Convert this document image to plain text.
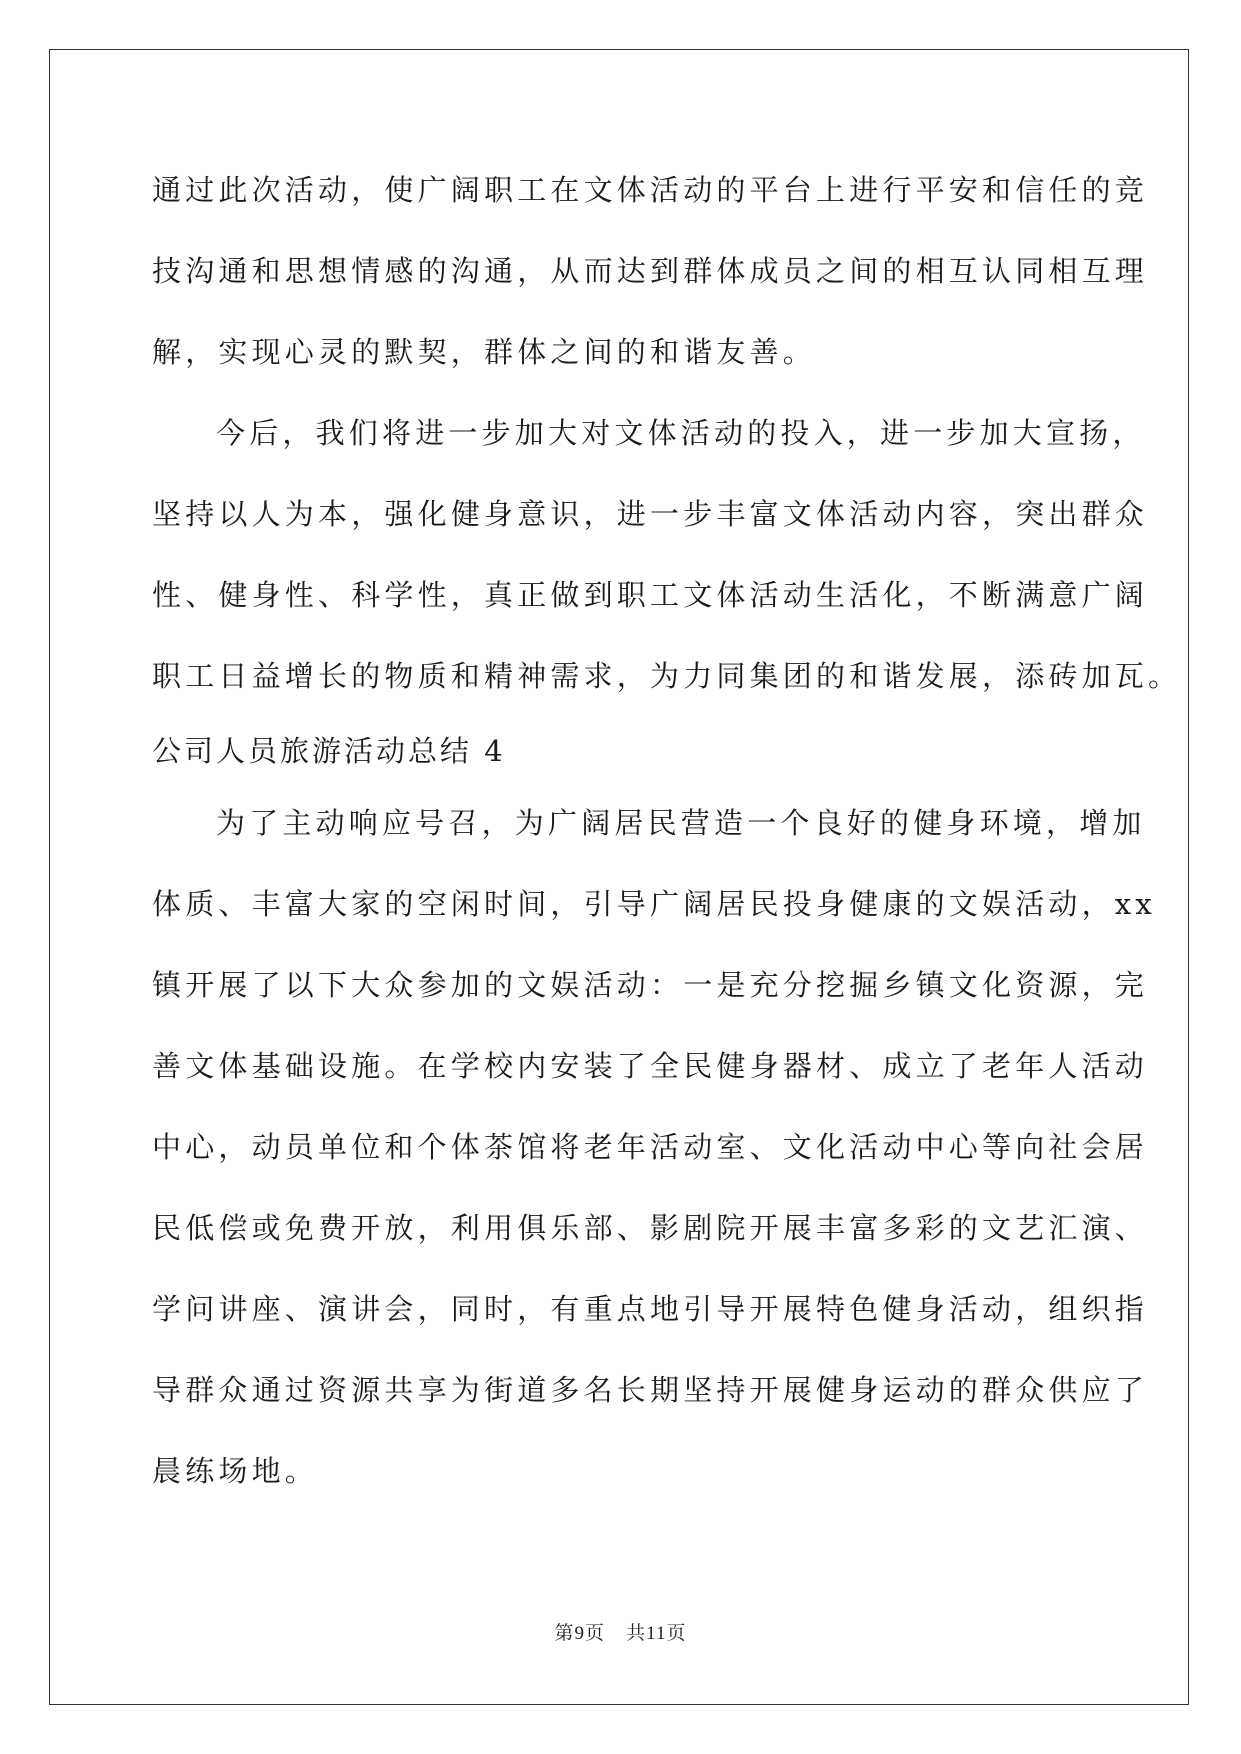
通过此次活动，使广阔职工在文体活动的平台上进行平安和信任的竞
技沟通和思想情感的沟通，从而达到群体成员之间的相互认同相互理
解，实现心灵的默契，群体之间的和谐友善。
今后，我们将进一步加大对文体活动的投入，进一步加大宣扬，
坚持以人为本，强化健身意识，进一步丰富文体活动内容，突出群众
性、健身性、科学性，真正做到职工文体活动生活化，不断满意广阔
职工日益增长的物质和精神需求，为力同集团的和谐发展，添砖加瓦。
公司人员旅游活动总结 4
为了主动响应号召，为广阔居民营造一个良好的健身环境，增加
体质、丰富大家的空闲时间，引导广阔居民投身健康的文娱活动，xx
镇开展了以下大众参加的文娱活动：一是充分挖掘乡镇文化资源，完
善文体基础设施。在学校内安装了全民健身器材、成立了老年人活动
中心，动员单位和个体茶馆将老年活动室、文化活动中心等向社会居
民低偿或免费开放，利用俱乐部、影剧院开展丰富多彩的文艺汇演、
学问讲座、演讲会，同时，有重点地引导开展特色健身活动，组织指
导群众通过资源共享为街道多名长期坚持开展健身运动的群众供应了
晨练场地。
第9页 共11页
